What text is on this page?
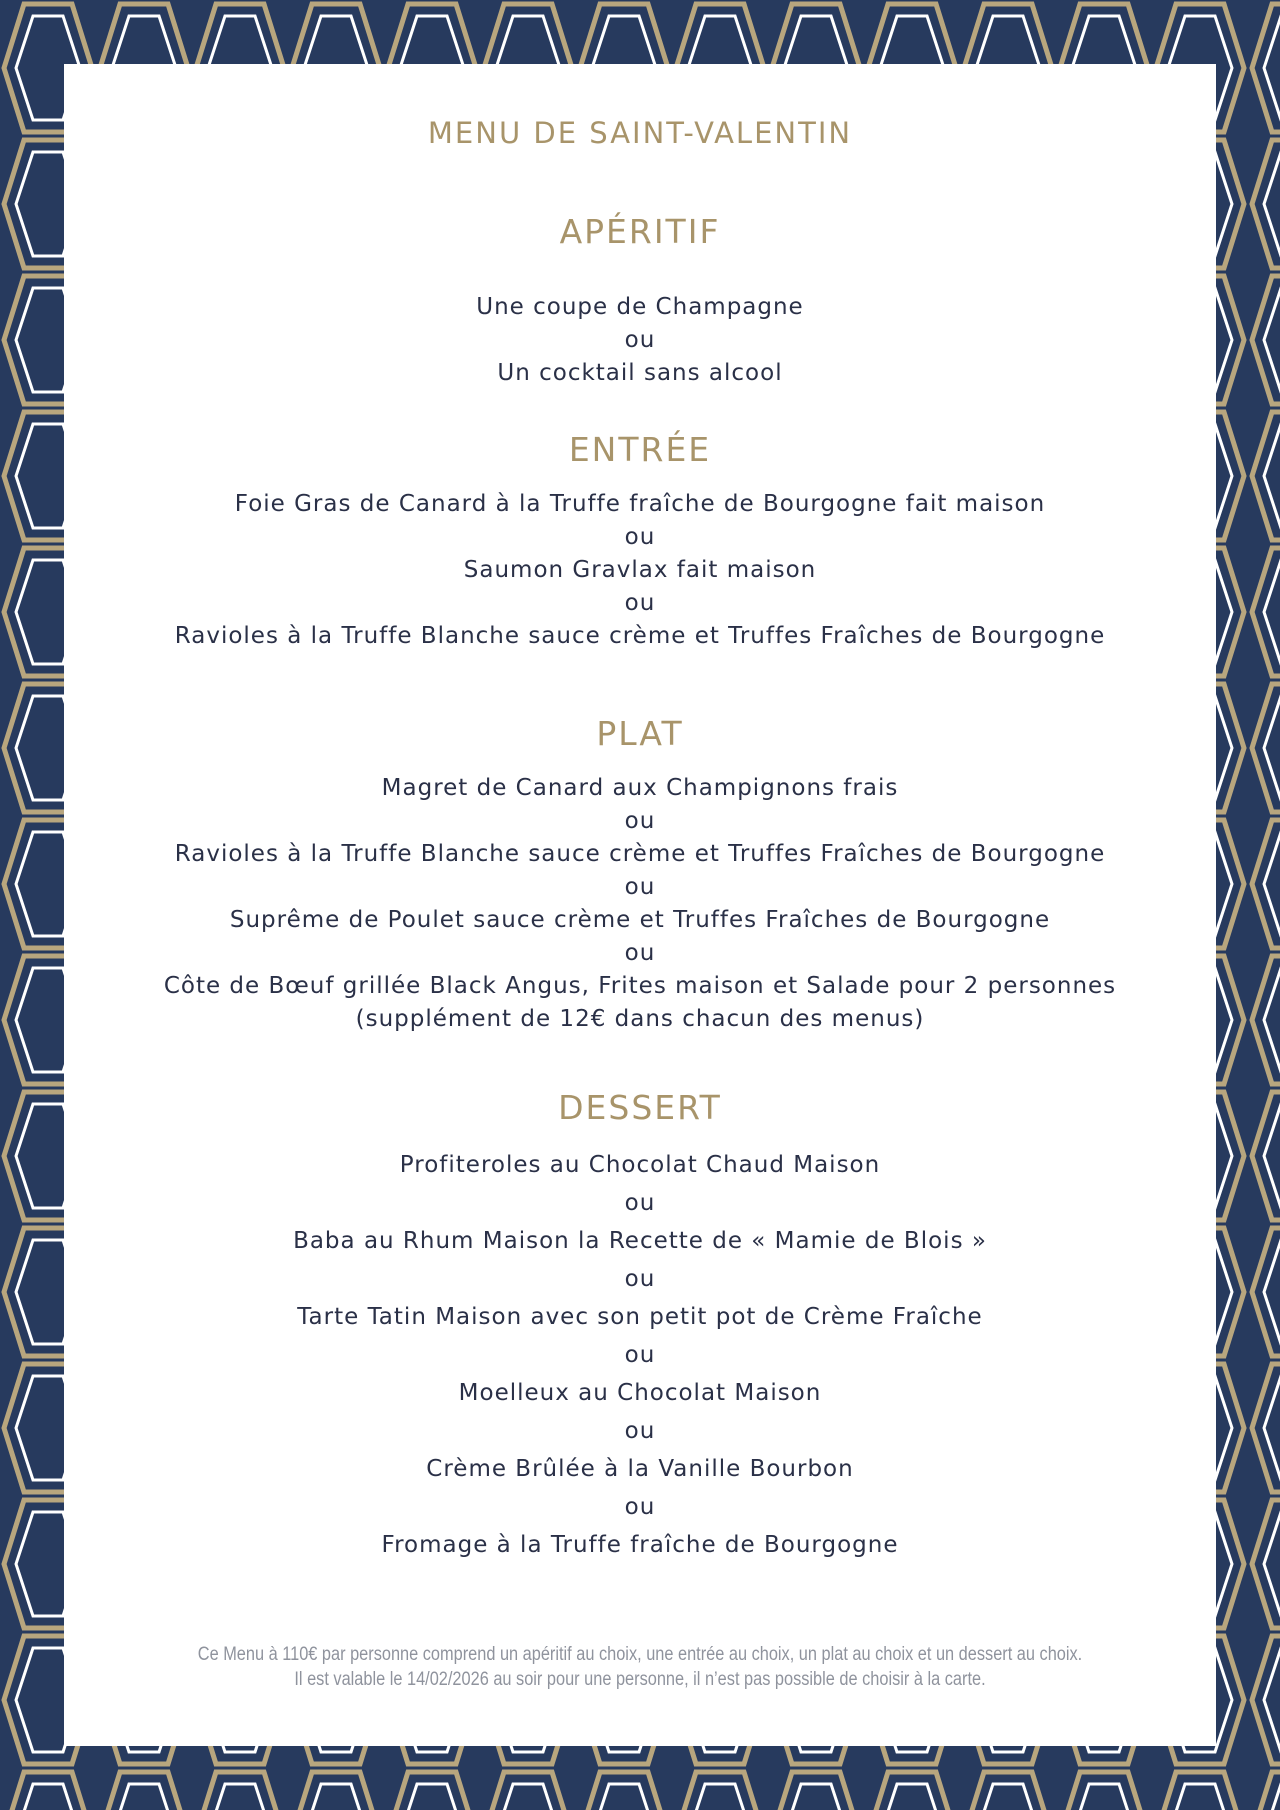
MENU DE SAINT-VALENTIN
APÉRITIF
Une coupe de Champagne
ou
Un cocktail sans alcool
ENTRÉE
Foie Gras de Canard à la Truffe fraîche de Bourgogne fait maison
ou
Saumon Gravlax fait maison
ou
Ravioles à la Truffe Blanche sauce crème et Truffes Fraîches de Bourgogne
PLAT
Magret de Canard aux Champignons frais
ou
Ravioles à la Truffe Blanche sauce crème et Truffes Fraîches de Bourgogne
ou
Suprême de Poulet sauce crème et Truffes Fraîches de Bourgogne
ou
Côte de Bœuf grillée Black Angus, Frites maison et Salade pour 2 personnes
(supplément de 12€ dans chacun des menus)
DESSERT
Profiteroles au Chocolat Chaud Maison
ou
Baba au Rhum Maison la Recette de « Mamie de Blois »
ou
Tarte Tatin Maison avec son petit pot de Crème Fraîche
ou
Moelleux au Chocolat Maison
ou
Crème Brûlée à la Vanille Bourbon
ou
Fromage à la Truffe fraîche de Bourgogne
Ce Menu à 110€ par personne comprend un apéritif au choix, une entrée au choix, un plat au choix et un dessert au choix.
Il est valable le 14/02/2026 au soir pour une personne, il n’est pas possible de choisir à la carte.
